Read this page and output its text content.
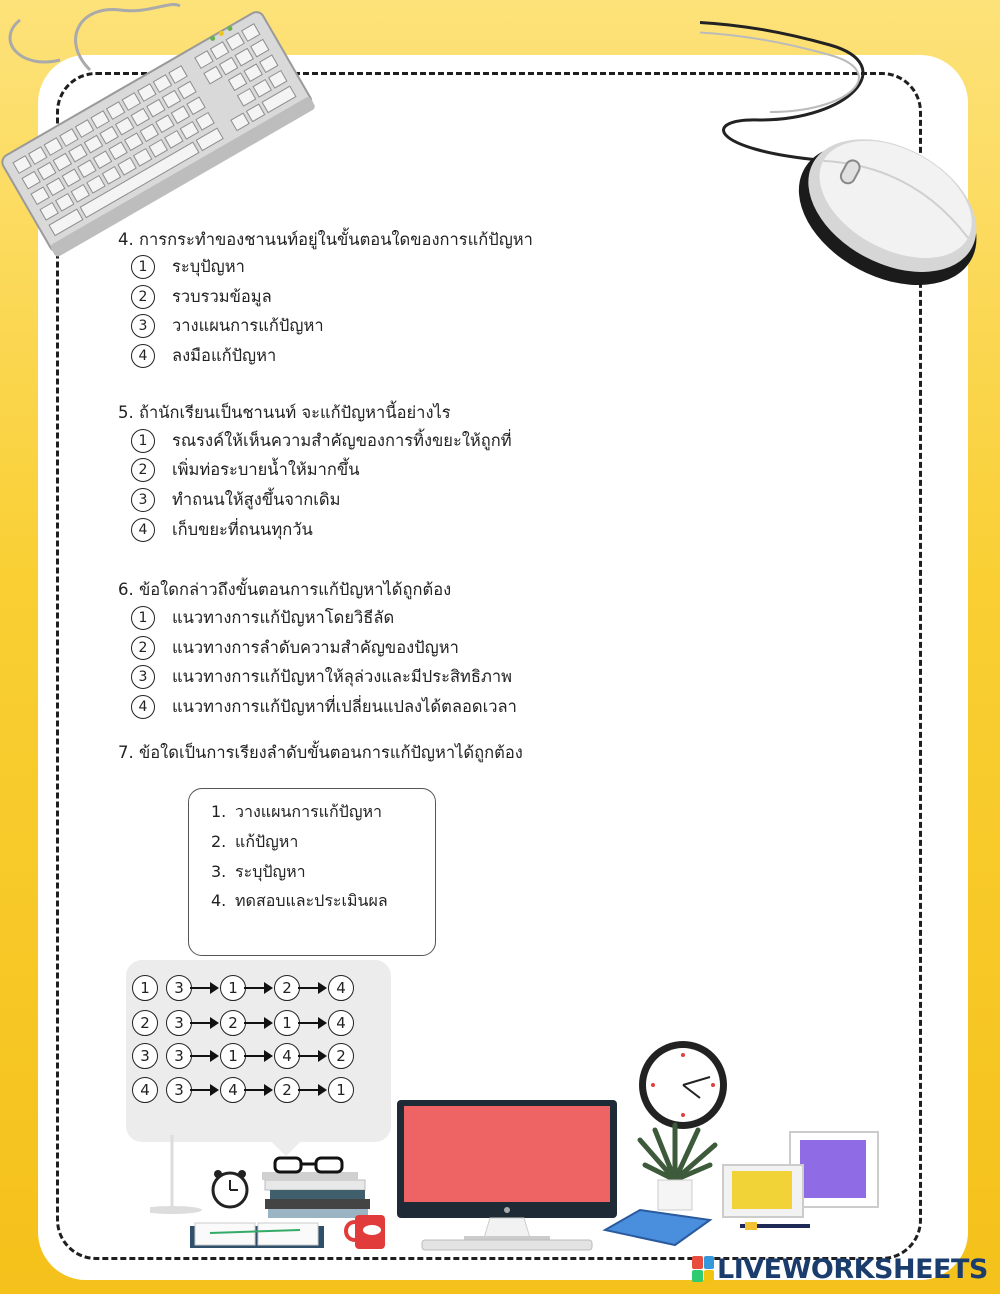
4. การกระทำของชานนท์อยู่ในขั้นตอนใดของการแก้ปัญหา
1	ระบุปัญหา
2	รวบรวมข้อมูล
3	วางแผนการแก้ปัญหา
4	ลงมือแก้ปัญหา
5. ถ้านักเรียนเป็นชานนท์ จะแก้ปัญหานี้อย่างไร
1	รณรงค์ให้เห็นความสำคัญของการทิ้งขยะให้ถูกที่
2	เพิ่มท่อระบายน้ำให้มากขึ้น
3	ทำถนนให้สูงขึ้นจากเดิม
4	เก็บขยะที่ถนนทุกวัน
6. ข้อใดกล่าวถึงขั้นตอนการแก้ปัญหาได้ถูกต้อง
1	แนวทางการแก้ปัญหาโดยวิธีลัด
2	แนวทางการลำดับความสำคัญของปัญหา
3	แนวทางการแก้ปัญหาให้ลุล่วงและมีประสิทธิภาพ
4	แนวทางการแก้ปัญหาที่เปลี่ยนแปลงได้ตลอดเวลา
7. ข้อใดเป็นการเรียงลำดับขั้นตอนการแก้ปัญหาได้ถูกต้อง
1. วางแผนการแก้ปัญหา
2. แก้ปัญหา
3. ระบุปัญหา
4. ทดสอบและประเมินผล
1	3	1	2	4
2	3	2	1	4
3	3	1	4	2
4	3	4	2	1
LIVEWORKSHEETS
